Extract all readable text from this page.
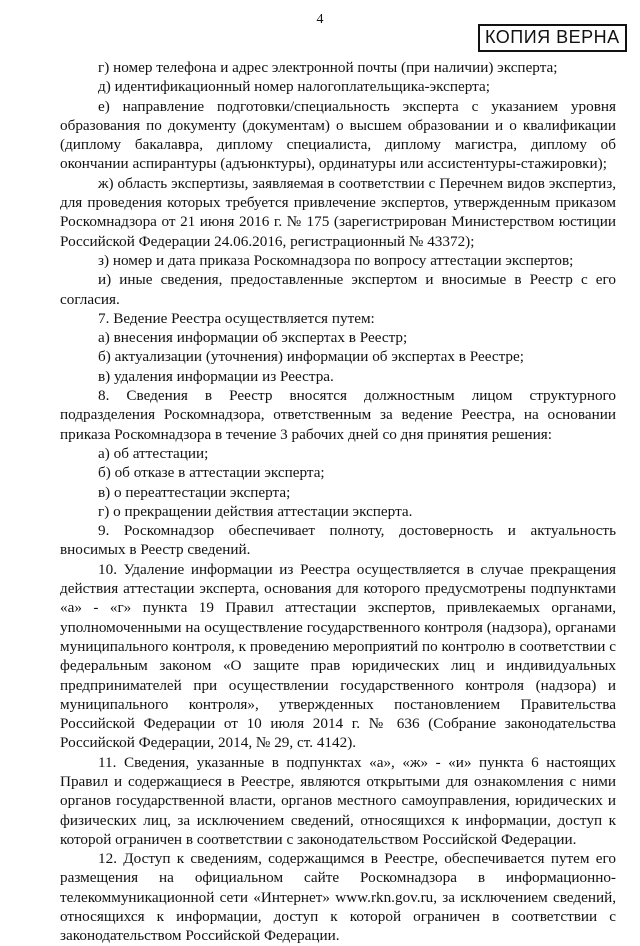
4
КОПИЯ ВЕРНА

г) номер телефона и адрес электронной почты (при наличии) эксперта;

д) идентификационный номер налогоплательщика-эксперта;

е) направление подготовки/специальность эксперта с указанием уровня образования по документу (документам) о высшем образовании и о квалификации (диплому бакалавра, диплому специалиста, диплому магистра, диплому об окончании аспирантуры (адъюнктуры), ординатуры или ассистентуры-стажировки);

ж) область экспертизы, заявляемая в соответствии с Перечнем видов экспертиз, для проведения которых требуется привлечение экспертов, утвержденным приказом Роскомнадзора от 21 июня 2016 г. № 175 (зарегистрирован Министерством юстиции Российской Федерации 24.06.2016, регистрационный № 43372);

з) номер и дата приказа Роскомнадзора по вопросу аттестации экспертов;

и) иные сведения, предоставленные экспертом и вносимые в Реестр с его согласия.

7. Ведение Реестра осуществляется путем:

а) внесения информации об экспертах в Реестр;

б) актуализации (уточнения) информации об экспертах в Реестре;

в) удаления информации из Реестра.

8. Сведения в Реестр вносятся должностным лицом структурного подразделения Роскомнадзора, ответственным за ведение Реестра, на основании приказа Роскомнадзора в течение 3 рабочих дней со дня принятия решения:

а) об аттестации;

б) об отказе в аттестации эксперта;

в) о переаттестации эксперта;

г) о прекращении действия аттестации эксперта.

9. Роскомнадзор обеспечивает полноту, достоверность и актуальность вносимых в Реестр сведений.

10. Удаление информации из Реестра осуществляется в случае прекращения действия аттестации эксперта, основания для которого предусмотрены подпунктами «а» - «г» пункта 19 Правил аттестации экспертов, привлекаемых органами, уполномоченными на осуществление государственного контроля (надзора), органами муниципального контроля, к проведению мероприятий по контролю в соответствии с федеральным законом «О защите прав юридических лиц и индивидуальных предпринимателей при осуществлении государственного контроля (надзора) и муниципального контроля», утвержденных постановлением Правительства Российской Федерации от 10 июля 2014 г. № 636 (Собрание законодательства Российской Федерации, 2014, № 29, ст. 4142).

11. Сведения, указанные в подпунктах «а», «ж» - «и» пункта 6 настоящих Правил и содержащиеся в Реестре, являются открытыми для ознакомления с ними органов государственной власти, органов местного самоуправления, юридических и физических лиц, за исключением сведений, относящихся к информации, доступ к которой ограничен в соответствии с законодательством Российской Федерации.

12. Доступ к сведениям, содержащимся в Реестре, обеспечивается путем его размещения на официальном сайте Роскомнадзора в информационно-телекоммуникационной сети «Интернет» www.rkn.gov.ru, за исключением сведений, относящихся к информации, доступ к которой ограничен в соответствии с законодательством Российской Федерации.
